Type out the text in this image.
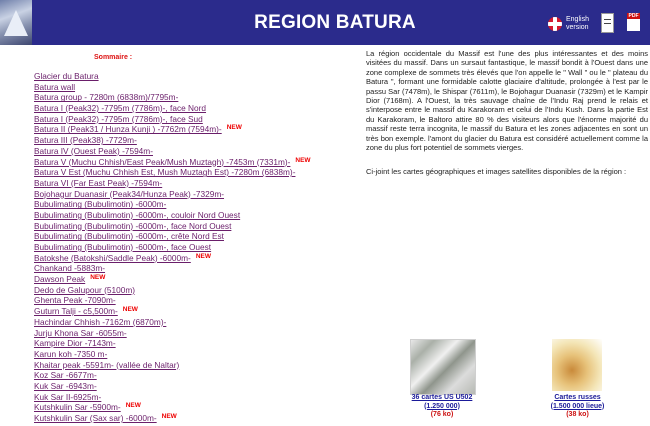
REGION BATURA	English
version
PDF
Sommaire :
Glacier du Batura
Batura wall
Batura group - 7280m (6838m)/7795m-
Batura I (Peak32) -7795m (7786m)-, face Nord
Batura I (Peak32) -7795m (7786m)-, face Sud
Batura II (Peak31 / Hunza Kunji ) -7762m (7594m)- $^{NEW}$
Batura III (Peak38) -7729m-
Batura IV (Ouest Peak) -7594m-
Batura V (Muchu Chhish/East Peak/Mush Muztagh) -7453m (7331m)- $^{NEW}$
Batura V Est (Muchu Chhish Est, Mush Muztagh Est) -7280m (6838m)-
Batura VI (Far East Peak) -7594m-
Bojohagur Duanasir (Peak34/Hunza Peak) -7329m-
Bubulimating (Bubulimotin) -6000m-
Bubulimating (Bubulimotin) -6000m-, couloir Nord Ouest
Bubulimating (Bubulimotin) -6000m-, face Nord Ouest
Bubulimating (Bubulimotin) -6000m-, crête Nord Est
Bubulimating (Bubulimotin) -6000m-, face Ouest
Batokshe (Batokshi/Saddle Peak) -6000m- $^{NEW}$
Chankand -5883m-
Dawson Peak $^{NEW}$
Dedo de Galupour (5100m)
Ghenta Peak -7090m-
Guturn Talji - c5,500m- $^{NEW}$
Hachindar Chhish -7162m (6870m)-
Jurju Khona Sar -6055m-
Kampire Dior -7143m-
Karun koh -7350 m-
Khaitar peak -5591m- (vallée de Naltar)
Koz Sar -6677m-
Kuk Sar -6943m-
Kuk Sar II-6925m-
Kutshkulin Sar -5900m- $^{NEW}$
Kutshkulin Sar (Sax sar) -6000m- $^{NEW}$

La région occidentale du Massif est l'une des plus intéressantes et des moins visitées du massif. Dans un sursaut fantastique, le massif bondit à l'Ouest dans une zone complexe de sommets très élevés que l'on appelle le " Wall " ou le " plateau du Batura ", formant une formidable calotte glaciaire d'altitude, prolongée à l'est par le passu Sar (7478m), le Shispar (7611m), le Bojohagur Duanasir (7329m) et le Kampir Dior (7168m). A l'Ouest, la très sauvage chaîne de l'Indu Raj prend le relais et s'interpose entre le massif du Karakoram et celui de l'Indu Kush. Dans la partie Est du Karakoram, le Baltoro attire 80 % des visiteurs alors que l'énorme majorité du massif reste terra incognita, le massif du Batura et les zones adjacentes en sont un très bon exemple. l'amont du glacier du Batura est considéré actuellement comme la zone du plus fort potentiel de sommets vierges.

Ci-joint les cartes géographiques et images satellites disponibles de la région :

36 cartes US U502
(1.250 000)
(76 ko)
Cartes russes
(1.500 000 lieue)
(38 ko)
